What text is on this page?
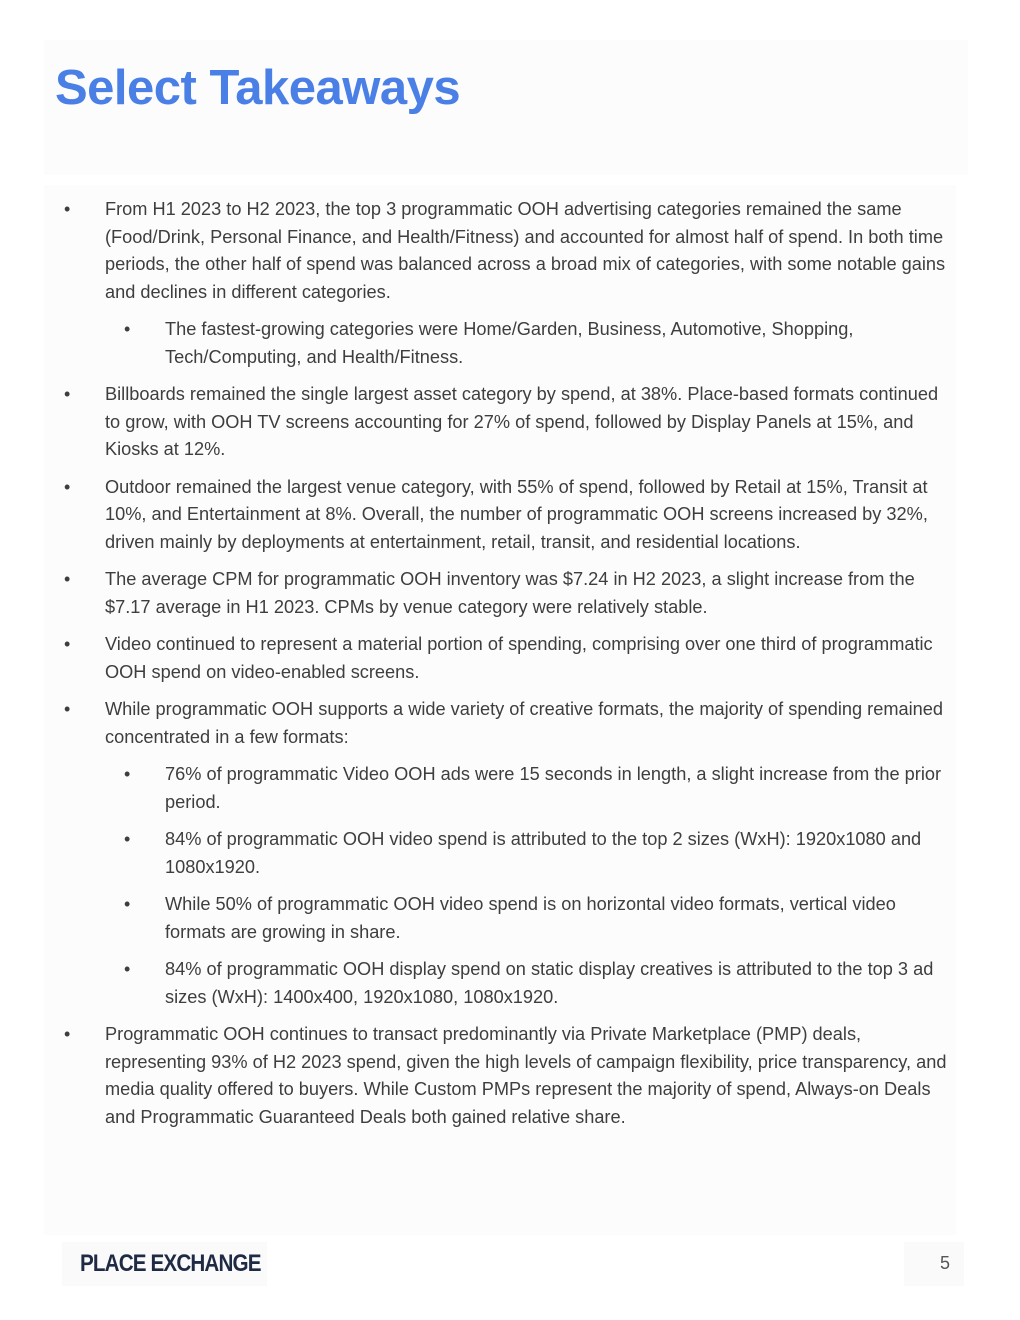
Select Takeaways
• From H1 2023 to H2 2023, the top 3 programmatic OOH advertising categories remained the same (Food/Drink, Personal Finance, and Health/Fitness) and accounted for almost half of spend. In both time periods, the other half of spend was balanced across a broad mix of categories, with some notable gains and declines in different categories.
• The fastest-growing categories were Home/Garden, Business, Automotive, Shopping, Tech/Computing, and Health/Fitness.
• Billboards remained the single largest asset category by spend, at 38%. Place-based formats continued to grow, with OOH TV screens accounting for 27% of spend, followed by Display Panels at 15%, and Kiosks at 12%.
• Outdoor remained the largest venue category, with 55% of spend, followed by Retail at 15%, Transit at 10%, and Entertainment at 8%. Overall, the number of programmatic OOH screens increased by 32%, driven mainly by deployments at entertainment, retail, transit, and residential locations.
• The average CPM for programmatic OOH inventory was $7.24 in H2 2023, a slight increase from the $7.17 average in H1 2023. CPMs by venue category were relatively stable.
• Video continued to represent a material portion of spending, comprising over one third of programmatic OOH spend on video-enabled screens.
• While programmatic OOH supports a wide variety of creative formats, the majority of spending remained concentrated in a few formats:
• 76% of programmatic Video OOH ads were 15 seconds in length, a slight increase from the prior period.
• 84% of programmatic OOH video spend is attributed to the top 2 sizes (WxH): 1920x1080 and 1080x1920.
• While 50% of programmatic OOH video spend is on horizontal video formats, vertical video formats are growing in share.
• 84% of programmatic OOH display spend on static display creatives is attributed to the top 3 ad sizes (WxH): 1400x400, 1920x1080, 1080x1920.
• Programmatic OOH continues to transact predominantly via Private Marketplace (PMP) deals, representing 93% of H2 2023 spend, given the high levels of campaign flexibility, price transparency, and media quality offered to buyers. While Custom PMPs represent the majority of spend, Always-on Deals and Programmatic Guaranteed Deals both gained relative share.
PLACE EXCHANGE	5
